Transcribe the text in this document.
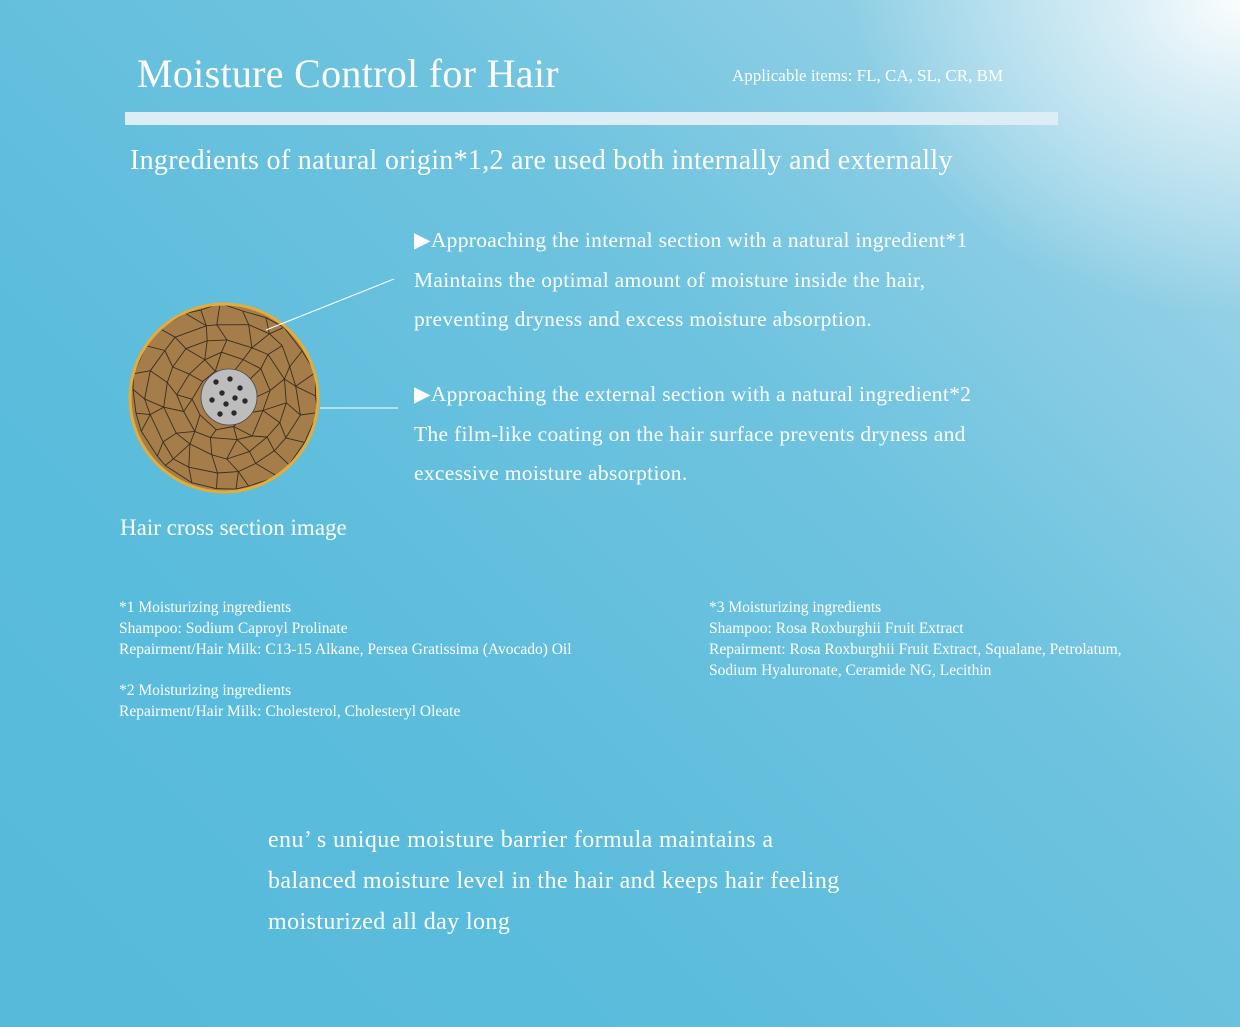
Moisture Control for Hair	Applicable items: FL, CA, SL, CR, BM
Ingredients of natural origin*1,2 are used both internally and externally
▶Approaching the internal section with a natural ingredient*1
Maintains the optimal amount of moisture inside the hair,
preventing dryness and excess moisture absorption.
▶Approaching the external section with a natural ingredient*2
The film-like coating on the hair surface prevents dryness and
excessive moisture absorption.
Hair cross section image
*1 Moisturizing ingredients
Shampoo: Sodium Caproyl Prolinate
Repairment/Hair Milk: C13-15 Alkane, Persea Gratissima (Avocado) Oil
*2 Moisturizing ingredients
Repairment/Hair Milk: Cholesterol, Cholesteryl Oleate
*3 Moisturizing ingredients
Shampoo: Rosa Roxburghii Fruit Extract
Repairment: Rosa Roxburghii Fruit Extract, Squalane, Petrolatum,
Sodium Hyaluronate, Ceramide NG, Lecithin
enu’ s unique moisture barrier formula maintains a
balanced moisture level in the hair and keeps hair feeling
moisturized all day long
